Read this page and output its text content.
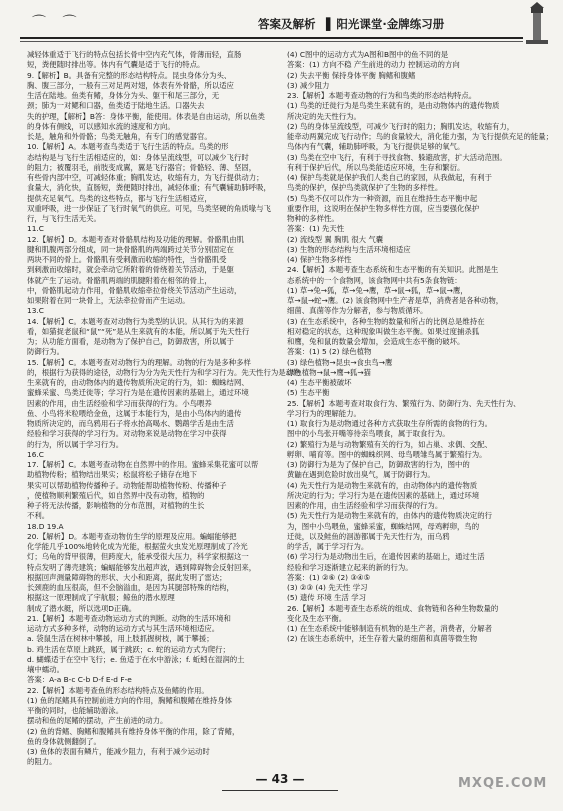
⌒ ⌒	答案及解析 ▐ 阳光课堂·金牌练习册
减轻体重适于飞行的特点包括长骨中空内充气体，骨薄而轻，直肠
短，粪便随时排出等。体内有气囊是适于飞行的特点。
9.【解析】B。具备有完整的形态结构特点。昆虫身体分为头、
胸、腹三部分，一般有三对足两对翅，体表有外骨骼，所以适应
生活在陆地。鱼类有鳍，身体分为头、躯干和尾三部分，无
颈；肺为一对鳃和口器，鱼类适于陆地生活。口器失去
失的护理，【解析】B答：身体平衡，能使用。体表是自由运动，所以鱼类
的身体有侧线，可以感知水流的速度和方向。
长是，触角和外骨骼；鸟类无触角，有专门的感觉器官。
10.【解析】A。本题考查鸟类适于飞行生活的特点。鸟类的形
态结构是与飞行生活相适应的，如：身体呈流线型，可以减少飞行时
的阻力；被覆羽毛，前肢变成翼，翼是飞行器官；骨骼轻、薄、坚固，
有些骨内部中空，可减轻体重；胸肌发达，收缩有力，为飞行提供动力；
食量大，消化快，直肠短，粪便随时排出，减轻体重；有气囊辅助肺呼吸，
提供充足氧气。鸟类的这些特点，都与飞行生活相适应，
双重呼吸，进一步保证了飞行时氧气的供应。可见，鸟类坚硬的角质喙与飞
行，与飞行生活无关。
11.C
12.【解析】D。本题考查对骨骼肌结构及功能的理解。骨骼肌由肌
腱和肌腹两部分组成，同一块骨骼肌的两端跨过关节分别固定在
两块不同的骨上。骨骼肌有受刺激而收缩的特性，当骨骼肌受
到刺激而收缩时，就会牵动它所附着的骨绕着关节活动，于是躯
体就产生了运动。骨骼肌两端的肌腱附着在相邻的骨上，
中，骨骼肌起动力作用，骨骼肌收缩牵拉骨绕关节活动产生运动，
如果附着在同一块骨上，无法牵拉骨而产生运动。
13.C
14.【解析】C。本题考查对动物行为类型的认识。从其行为的来源
看，如猫捉老鼠和“鼠”“死”是从生来就有的本能，所以属于先天性行
为；从功能方面看，是动物为了保护自己，防御敌害，所以属于
防御行为。
15.【解析】C。本题考查对动物行为的理解。动物的行为是多种多样
的，根据行为获得的途径，动物行为分为先天性行为和学习行为。先天性行为是动物
生来就有的，由动物体内的遗传物质所决定的行为，如：蜘蛛结网、
蜜蜂采蜜、鸟类迁徙等；学习行为是在遗传因素的基础上，通过环境
因素的作用，由生活经验和学习而获得的行为。小鸟喂养
鱼、小鸟将米粒喂给金鱼，这属于本能行为，是由小鸟体内的遗传
物质所决定的，而乌鸦用石子将水抬高喝水、鹦鹉学舌是由生活
经验和学习获得的学习行为。对动物来说是动物在学习中获得
的行为，所以属于学习行为。
16.C
17.【解析】C。本题考查动物在自然界中的作用。蜜蜂采集花蜜可以帮
助植物传粉；植物结出果实；松鼠将松子储存在地下
果实可以帮助植物传播种子。动物能帮助植物传粉、传播种子
，使植物顺利繁殖后代，如自然界中没有动物，植物的
种子将无法传播，影响植物的分布范围，对植物的生长
不利。
18.D 19.A
20.【解析】D。本题考查动物仿生学的原理及应用。蝙蝠能够把
化学能几乎100%地转化成为光能，根据萤火虫发光原理制成了冷光
灯；乌龟的背甲很薄，但跨度大，能承受很大压力，科学家根据这一
特点发明了薄壳建筑；蝙蝠能够发出超声波，遇到障碍物会反射回来，
根据回声测量障碍物的形状、大小和距离，据此发明了雷达；
长颈鹿的血压很高，但不会脑溢血，是因为其腿部特殊的结构，
根据这一原理制成了宇航服；鲸鱼的潜水原理
制成了潜水艇，所以选项D正确。
21.【解析】本题考查动物运动方式的判断。动物的生活环境和
运动方式多种多样，动物的运动方式与其生活环境相适应。
a. 袋鼠生活在树林中攀援，用上肢抓握树枝，属于攀援；
b. 鸡生活在草原上跳跃，属于跳跃；c. 蛇的运动方式为爬行；
d. 蝴蝶适于在空中飞行；e. 鱼适于在水中游泳；f. 蚯蚓在湿润的土
壤中蠕动。
答案：A-a B-c C-b D-f E-d F-e
22.【解析】本题考查鱼的形态结构特点及鱼鳍的作用。
(1) 鱼的尾鳍具有控制前进方向的作用，胸鳍和腹鳍在维持身体
平衡的同时，也能辅助游泳。
摆动和鱼的尾鳍的摆动，产生前进的动力。
(2) 鱼的背鳍、胸鳍和腹鳍具有维持身体平衡的作用，除了背鳍，
鱼的身体就侧翻倒了。
(3) 鱼体的表面有鳞片，能减少阻力，有利于减少运动时
的阻力。
(4) C图中的运动方式为A图和B图中的鱼不同的是
答案：(1) 方向不稳 产生前进的动力 控制运动的方向
(2) 失去平衡 保持身体平衡 胸鳍和腹鳍
(3) 减少阻力
23.【解析】本题考查动物的行为和鸟类的形态结构特点。
(1) 鸟类的迁徙行为是鸟类生来就有的，是由动物体内的遗传物质
所决定的先天性行为。
(2) 鸟的身体呈流线型，可减少飞行时的阻力；胸肌发达，收缩有力，
能牵动两翼完成飞行动作；鸟的食量较大，消化能力强，为飞行提供充足的能量；
鸟体内有气囊，辅助肺呼吸，为飞行提供足够的氧气。
(3) 鸟类在空中飞行，有利于寻找食物、躲避敌害，扩大活动范围。
有利于保护后代，所以鸟类能适应环境，生存和繁衍。
(4) 保护鸟类就是保护我们人类自己的家园，从我做起，有利于
鸟类的保护，保护鸟类就保护了生物的多样性。
(5) 鸟类不仅可以作为一种资源，而且在维持生态平衡中起
重要作用，这说明在保护生物多样性方面，应当要强化保护
物种的多样性。
答案：(1) 先天性
(2) 流线型 翼 胸肌 很大 气囊
(3) 生物的形态结构与生活环境相适应
(4) 保护生物多样性
24.【解析】本题考查生态系统和生态平衡的有关知识。此图是生
态系统中的一个食物网，该食物网中共有5条食物链：
(1) 草→兔→狐，草→兔→鹰，草→鼠→狐，草→鼠→鹰，
草→鼠→蛇→鹰。(2) 该食物网中生产者是草，消费者是各种动物，
细菌、真菌等作为分解者，参与物质循环。
(3) 在生态系统中，各种生物的数量和所占的比例总是维持在
相对稳定的状态，这种现象叫做生态平衡。如果过度捕杀狐
和鹰，兔和鼠的数量会增加，会造成生态平衡的破坏。
答案：(1) 5 (2) 绿色植物
(3) 绿色植物→昆虫→食虫鸟→鹰
绿色植物→鼠→鹰→狐→猫
(4) 生态平衡被破坏
(5) 生态平衡
25.【解析】本题考查对取食行为、繁殖行为、防御行为、先天性行为、
学习行为的理解能力。
(1) 取食行为是动物通过各种方式获取生存所需的食物的行为。
图中的小鸟张开嘴等待亲鸟喂食，属于取食行为。
(2) 繁殖行为是与动物繁殖有关的行为，如占巢、求偶、交配、
孵卵、哺育等。图中的蜘蛛织网、母鸟喂雏鸟属于繁殖行为。
(3) 防御行为是为了保护自己，防御敌害的行为，图中的
黄鼬在遇到危险时放出臭气，属于防御行为。
(4) 先天性行为是动物生来就有的，由动物体内的遗传物质
所决定的行为；学习行为是在遗传因素的基础上，通过环境
因素的作用，由生活经验和学习而获得的行为。
(5) 先天性行为是动物生来就有的，由体内的遗传物质决定的行
为，图中小鸟喂鱼，蜜蜂采蜜，蜘蛛结网，母鸡孵卵，鸟的
迁徙，以及鲑鱼的洄游都属于先天性行为，而乌鸦
的学舌，属于学习行为。
(6) 学习行为是动物出生后，在遗传因素的基础上，通过生活
经验和学习逐渐建立起来的新的行为。
答案：(1) ②⑥ (2) ③④⑤
(3) ②③ (4) 先天性 学习
(5) 遗传 环境 生活 学习
26.【解析】本题考查生态系统的组成、食物链和各种生物数量的
变化及生态平衡。
(1) 在生态系统中能够制造有机物的是生产者，消费者，分解者
(2) 在该生态系统中，还生存着大量的细菌和真菌等微生物
— 43 —	MXQE.COM
